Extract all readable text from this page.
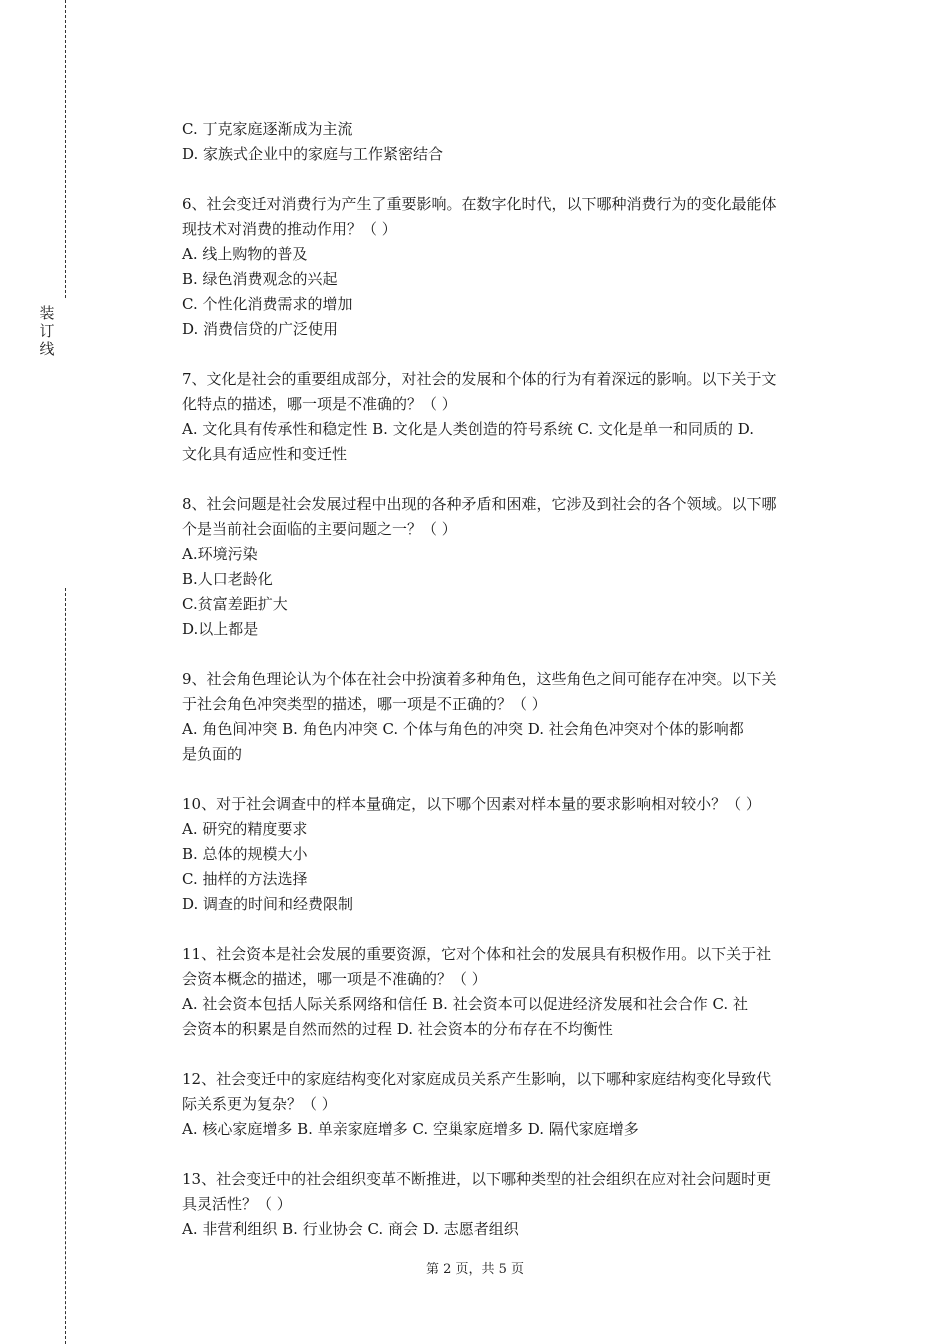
装
订
线
C. 丁克家庭逐渐成为主流
D. 家族式企业中的家庭与工作紧密结合
6、社会变迁对消费行为产生了重要影响。在数字化时代，以下哪种消费行为的变化最能体
现技术对消费的推动作用？（ ）
A. 线上购物的普及
B. 绿色消费观念的兴起
C. 个性化消费需求的增加
D. 消费信贷的广泛使用
7、文化是社会的重要组成部分，对社会的发展和个体的行为有着深远的影响。以下关于文
化特点的描述，哪一项是不准确的？（ ）
A. 文化具有传承性和稳定性 B. 文化是人类创造的符号系统 C. 文化是单一和同质的 D.
文化具有适应性和变迁性
8、社会问题是社会发展过程中出现的各种矛盾和困难，它涉及到社会的各个领域。以下哪
个是当前社会面临的主要问题之一？（ ）
A.环境污染
B.人口老龄化
C.贫富差距扩大
D.以上都是
9、社会角色理论认为个体在社会中扮演着多种角色，这些角色之间可能存在冲突。以下关
于社会角色冲突类型的描述，哪一项是不正确的？（ ）
A. 角色间冲突 B. 角色内冲突 C. 个体与角色的冲突 D. 社会角色冲突对个体的影响都
是负面的
10、对于社会调查中的样本量确定，以下哪个因素对样本量的要求影响相对较小？（ ）
A. 研究的精度要求
B. 总体的规模大小
C. 抽样的方法选择
D. 调查的时间和经费限制
11、社会资本是社会发展的重要资源，它对个体和社会的发展具有积极作用。以下关于社
会资本概念的描述，哪一项是不准确的？（ ）
A. 社会资本包括人际关系网络和信任 B. 社会资本可以促进经济发展和社会合作 C. 社
会资本的积累是自然而然的过程 D. 社会资本的分布存在不均衡性
12、社会变迁中的家庭结构变化对家庭成员关系产生影响，以下哪种家庭结构变化导致代
际关系更为复杂？（ ）
A. 核心家庭增多 B. 单亲家庭增多 C. 空巢家庭增多 D. 隔代家庭增多
13、社会变迁中的社会组织变革不断推进，以下哪种类型的社会组织在应对社会问题时更
具灵活性？（ ）
A. 非营利组织 B. 行业协会 C. 商会 D. 志愿者组织
第 2 页，共 5 页
